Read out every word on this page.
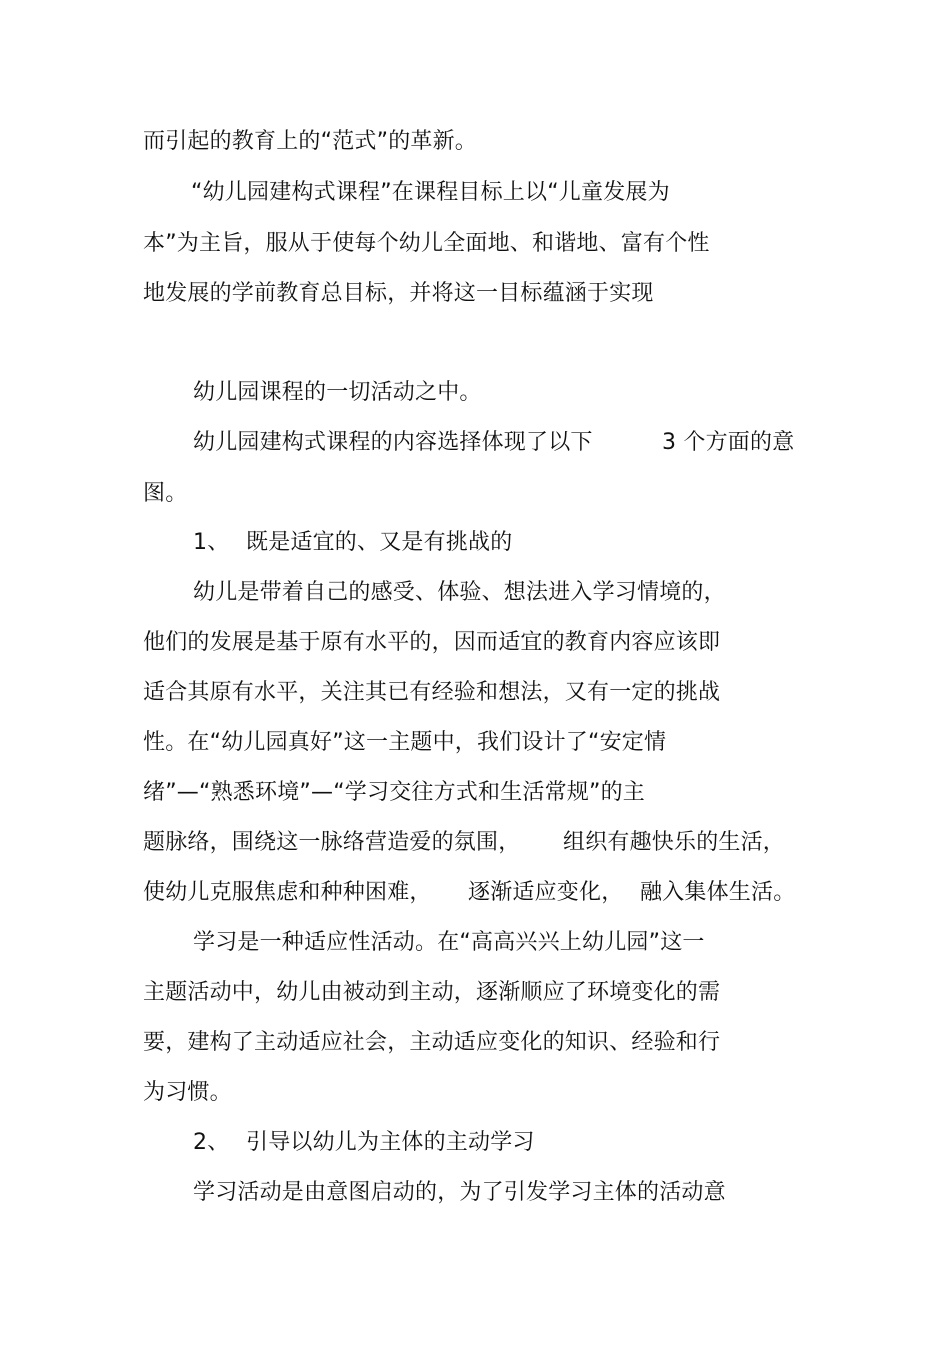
而引起的教育上的“范式”的革新。
“幼儿园建构式课程”在课程目标上以“儿童发展为
本”为主旨，服从于使每个幼儿全面地、和谐地、富有个性
地发展的学前教育总目标，并将这一目标蕴涵于实现
幼儿园课程的一切活动之中。
幼儿园建构式课程的内容选择体现了以下	3 个方面的意
图。
1、 既是适宜的、又是有挑战的
幼儿是带着自己的感受、体验、想法进入学习情境的，
他们的发展是基于原有水平的，因而适宜的教育内容应该即
适合其原有水平，关注其已有经验和想法，又有一定的挑战
性。在“幼儿园真好”这一主题中，我们设计了“安定情
绪”—“熟悉环境”—“学习交往方式和生活常规”的主
题脉络，围绕这一脉络营造爱的氛围， 组织有趣快乐的生活，
使幼儿克服焦虑和种种困难， 逐渐适应变化， 融入集体生活。
学习是一种适应性活动。在“高高兴兴上幼儿园”这一
主题活动中，幼儿由被动到主动，逐渐顺应了环境变化的需
要，建构了主动适应社会，主动适应变化的知识、经验和行
为习惯。
2、 引导以幼儿为主体的主动学习
学习活动是由意图启动的，为了引发学习主体的活动意
